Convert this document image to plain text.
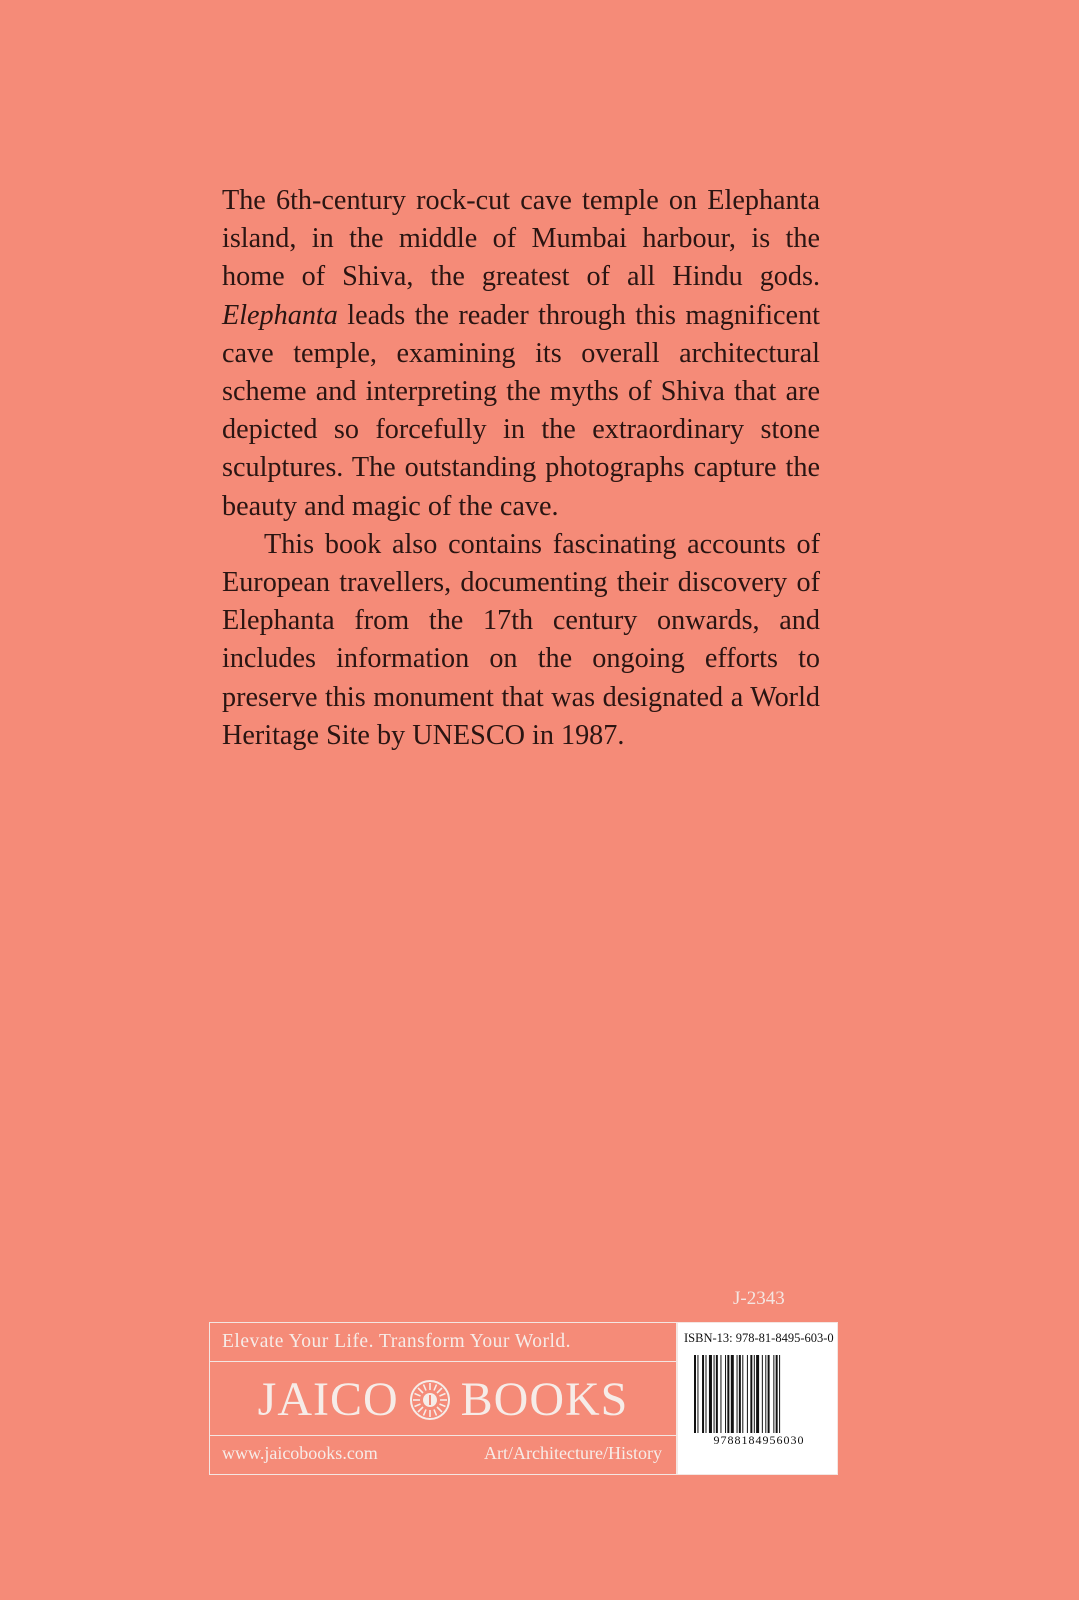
The 6th-century rock-cut cave temple on Elephanta island, in the middle of Mumbai harbour, is the home of Shiva, the greatest of all Hindu gods. Elephanta leads the reader through this magnificent cave temple, examining its overall architectural scheme and interpreting the myths of Shiva that are depicted so forcefully in the extraordinary stone sculptures. The outstanding photographs capture the beauty and magic of the cave.

This book also contains fascinating accounts of European travellers, documenting their discovery of Elephanta from the 17th century onwards, and includes information on the ongoing efforts to preserve this monument that was designated a World Heritage Site by UNESCO in 1987.

J-2343
Elevate Your Life. Transform Your World.
JAICO BOOKS
www.jaicobooks.com	Art/Architecture/History
ISBN-13: 978-81-8495-603-0
9788184956030
